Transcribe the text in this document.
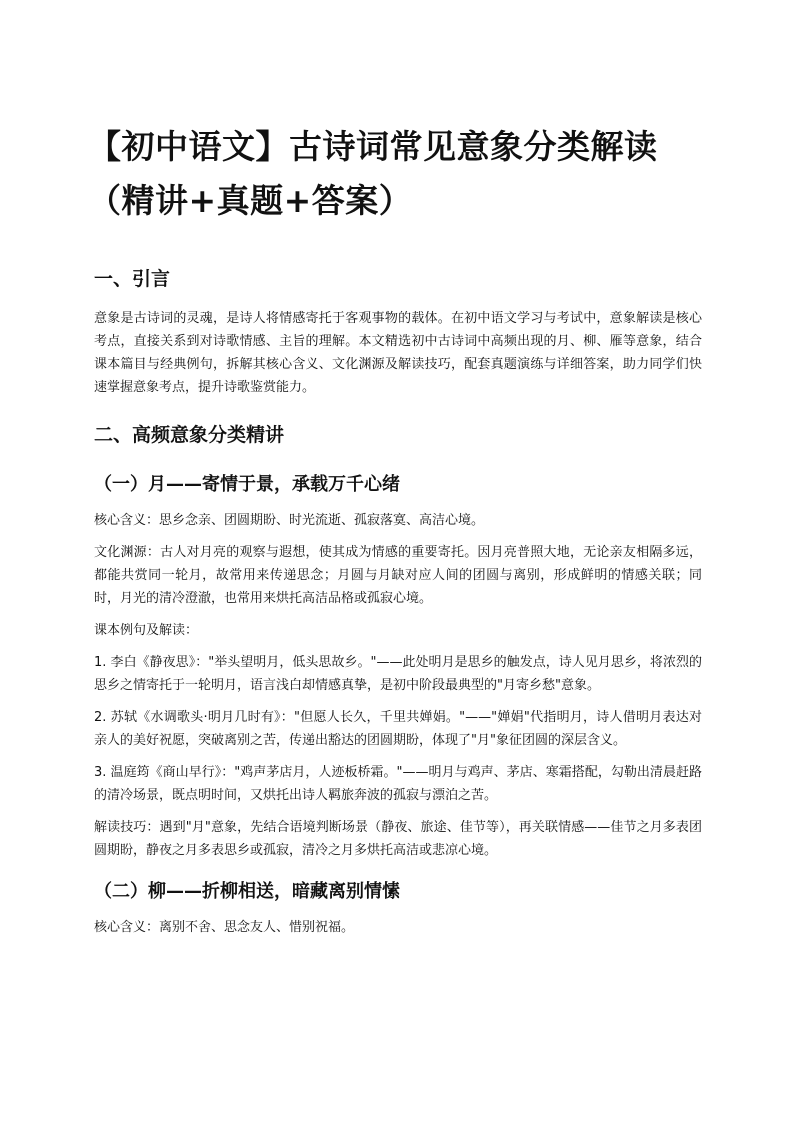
【初中语文】古诗词常见意象分类解读
（精讲+真题+答案）
一、引言

意象是古诗词的灵魂，是诗人将情感寄托于客观事物的载体。在初中语文学习与考试中，意象解读是核心考点，直接关系到对诗歌情感、主旨的理解。本文精选初中古诗词中高频出现的月、柳、雁等意象，结合课本篇目与经典例句，拆解其核心含义、文化渊源及解读技巧，配套真题演练与详细答案，助力同学们快速掌握意象考点，提升诗歌鉴赏能力。

二、高频意象分类精讲
（一）月——寄情于景，承载万千心绪

核心含义：思乡念亲、团圆期盼、时光流逝、孤寂落寞、高洁心境。

文化渊源：古人对月亮的观察与遐想，使其成为情感的重要寄托。因月亮普照大地，无论亲友相隔多远，都能共赏同一轮月，故常用来传递思念；月圆与月缺对应人间的团圆与离别，形成鲜明的情感关联；同时，月光的清冷澄澈，也常用来烘托高洁品格或孤寂心境。

课本例句及解读：

1. 李白《静夜思》："举头望明月，低头思故乡。"——此处明月是思乡的触发点，诗人见月思乡，将浓烈的思乡之情寄托于一轮明月，语言浅白却情感真挚，是初中阶段最典型的"月寄乡愁"意象。

2. 苏轼《水调歌头·明月几时有》："但愿人长久，千里共婵娟。"——"婵娟"代指明月，诗人借明月表达对亲人的美好祝愿，突破离别之苦，传递出豁达的团圆期盼，体现了"月"象征团圆的深层含义。

3. 温庭筠《商山早行》："鸡声茅店月，人迹板桥霜。"——明月与鸡声、茅店、寒霜搭配，勾勒出清晨赶路的清冷场景，既点明时间，又烘托出诗人羁旅奔波的孤寂与漂泊之苦。

解读技巧：遇到"月"意象，先结合语境判断场景（静夜、旅途、佳节等），再关联情感——佳节之月多表团圆期盼，静夜之月多表思乡或孤寂，清冷之月多烘托高洁或悲凉心境。

（二）柳——折柳相送，暗藏离别情愫

核心含义：离别不舍、思念友人、惜别祝福。
